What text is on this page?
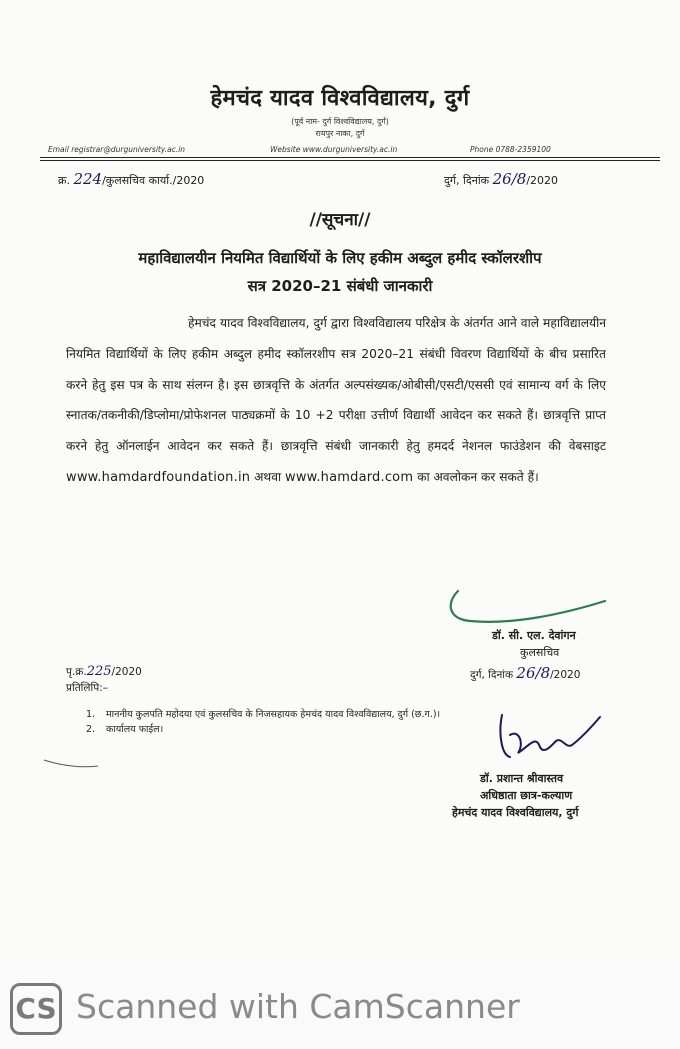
हेमचंद यादव विश्वविद्यालय, दुर्ग
(पूर्व नाम- दुर्ग विश्वविद्यालय, दुर्ग)
रायपुर नाका, दुर्ग
Email registrar@durguniversity.ac.in	Website www.durguniversity.ac.in	Phone 0788-2359100
क्र. 224/कुलसचिव कार्या./2020	दुर्ग, दिनांक 26/8/2020
//सूचना//
महाविद्यालयीन नियमित विद्यार्थियों के लिए हकीम अब्दुल हमीद स्कॉलरशीप
सत्र 2020–21 संबंधी जानकारी

हेमचंद यादव विश्वविद्यालय, दुर्ग द्वारा विश्वविद्यालय परिक्षेत्र के अंतर्गत आने वाले महाविद्यालयीन नियमित विद्यार्थियों के लिए हकीम अब्दुल हमीद स्कॉलरशीप सत्र 2020–21 संबंधी विवरण विद्यार्थियों के बीच प्रसारित करने हेतु इस पत्र के साथ संलग्न है। इस छात्रवृत्ति के अंतर्गत अल्पसंख्यक/ओबीसी/एसटी/एससी एवं सामान्य वर्ग के लिए स्नातक/तकनीकी/डिप्लोमा/प्रोफेशनल पाठ्यक्रमों के 10 +2 परीक्षा उत्तीर्ण विद्यार्थी आवेदन कर सकते हैं। छात्रवृत्ति प्राप्त करने हेतु ऑनलाईन आवेदन कर सकते हैं। छात्रवृत्ति संबंधी जानकारी हेतु हमदर्द नेशनल फाउंडेशन की वेबसाइट www.hamdardfoundation.in अथवा www.hamdard.com का अवलोकन कर सकते हैं।

डॉ. सी. एल. देवांगन
कुलसचिव
दुर्ग, दिनांक 26/8/2020
पृ.क्र.225/2020
प्रतिलिपि:–
1. माननीय कुलपति महोदया एवं कुलसचिव के निजसहायक हेमचंद यादव विश्वविद्यालय, दुर्ग (छ.ग.)।
2. कार्यालय फाईल।
डॉ. प्रशान्त श्रीवास्तव
अधिष्ठाता छात्र-कल्याण
हेमचंद यादव विश्वविद्यालय, दुर्ग
CS Scanned with CamScanner
